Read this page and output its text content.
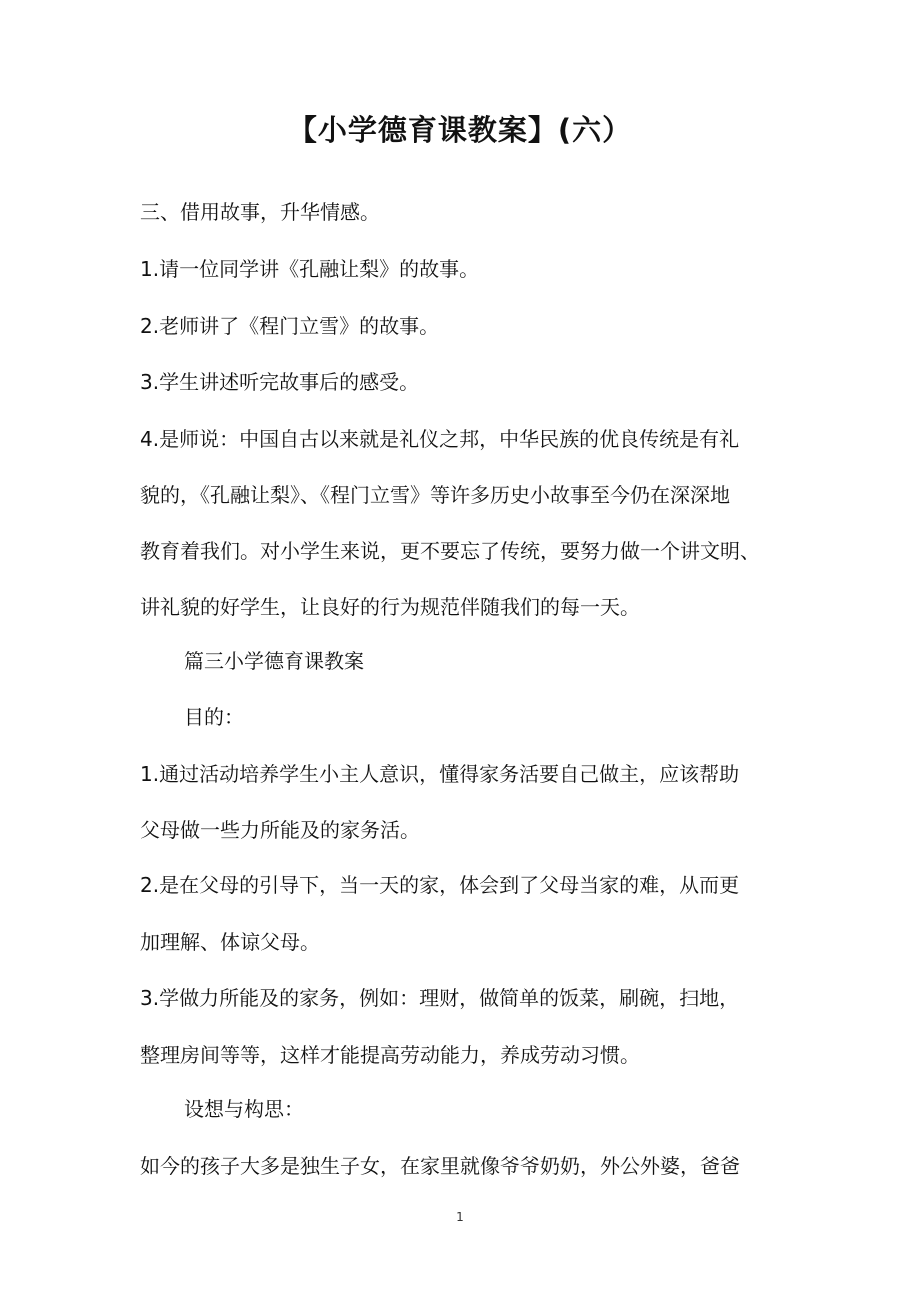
【小学德育课教案】(六）
三、借用故事，升华情感。
1.请一位同学讲《孔融让梨》的故事。
2.老师讲了《程门立雪》的故事。
3.学生讲述听完故事后的感受。
4.是师说：中国自古以来就是礼仪之邦，中华民族的优良传统是有礼
貌的，《孔融让梨》、《程门立雪》等许多历史小故事至今仍在深深地
教育着我们。对小学生来说，更不要忘了传统，要努力做一个讲文明、
讲礼貌的好学生，让良好的行为规范伴随我们的每一天。
篇三小学德育课教案
目的：
1.通过活动培养学生小主人意识，懂得家务活要自己做主，应该帮助
父母做一些力所能及的家务活。
2.是在父母的引导下，当一天的家，体会到了父母当家的难，从而更
加理解、体谅父母。
3.学做力所能及的家务，例如：理财，做简单的饭菜，刷碗，扫地，
整理房间等等，这样才能提高劳动能力，养成劳动习惯。
设想与构思：
如今的孩子大多是独生子女，在家里就像爷爷奶奶，外公外婆，爸爸
1
